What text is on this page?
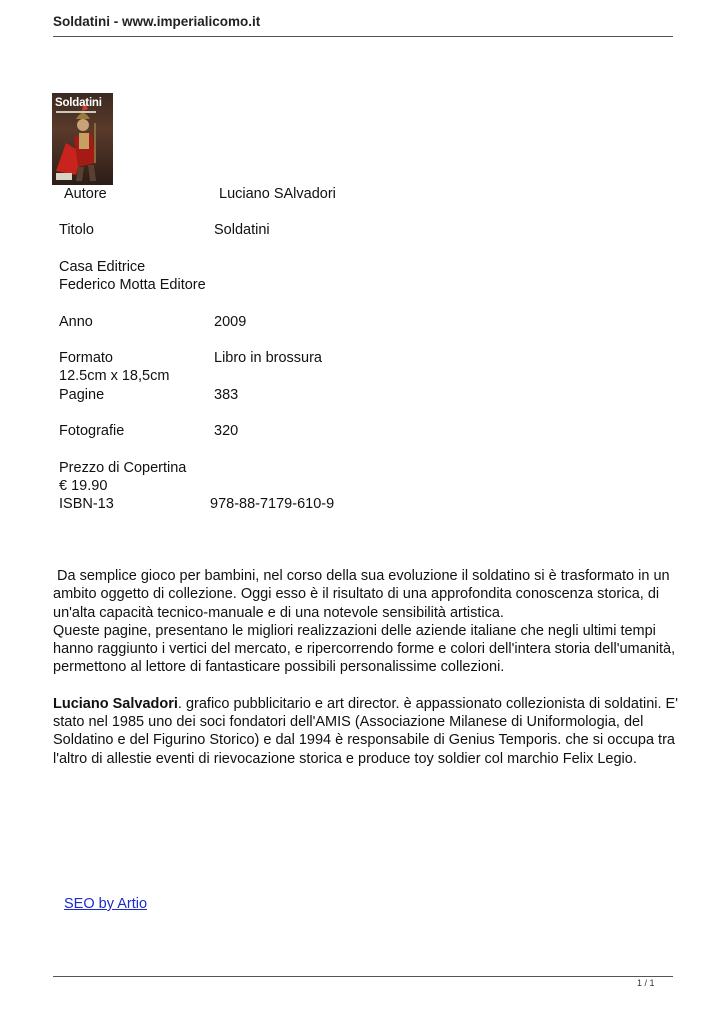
Soldatini - www.imperialicomo.it
Soldatini
Autore	Luciano SAlvadori
Titolo	Soldatini
Casa Editrice
Federico Motta Editore
Anno	2009
Formato	Libro in brossura
12.5cm x 18,5cm
Pagine	383
Fotografie	320
Prezzo di Copertina
€ 19.90
ISBN-13	978-88-7179-610-9

Da semplice gioco per bambini, nel corso della sua evoluzione il soldatino si è trasformato in un ambito oggetto di collezione. Oggi esso è il risultato di una approfondita conoscenza storica, di un'alta capacità tecnico-manuale e di una notevole sensibilità artistica.

Queste pagine, presentano le migliori realizzazioni delle aziende italiane che negli ultimi tempi hanno raggiunto i vertici del mercato, e ripercorrendo forme e colori dell'intera storia dell'umanità, permettono al lettore di fantasticare possibili personalissime collezioni.

Luciano Salvadori. grafico pubblicitario e art director. è appassionato collezionista di soldatini. E' stato nel 1985 uno dei soci fondatori dell'AMIS (Associazione Milanese di Uniformologia, del Soldatino e del Figurino Storico) e dal 1994 è responsabile di Genius Temporis. che si occupa tra l'altro di allestie eventi di rievocazione storica e produce toy soldier col marchio Felix Legio.

SEO by Artio
1 / 1
